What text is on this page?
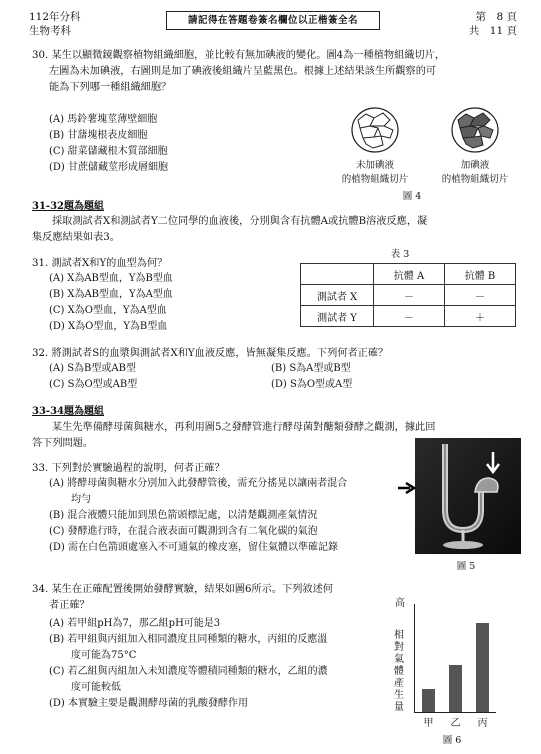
112年分科
生物考科
請記得在答題卷簽名欄位以正楷簽全名	第　8 頁
共　11 頁
30. 某生以顯微鏡觀察植物組織細胞，並比較有無加碘液的變化。圖4為一種植物組織切片，
左圖為未加碘液，右圖則是加了碘液後組織片呈藍黑色。根據上述結果該生所觀察的可
能為下列哪一種組織細胞？
(A) 馬鈴薯塊莖薄壁細胞
(B) 甘藷塊根表皮細胞
(C) 甜菜儲藏根木質部細胞
(D) 甘蔗儲藏莖形成層細胞	未加碘液
的植物組織切片
加碘液
的植物組織切片
圖 4
31-32題為題組
採取測試者X和測試者Y二位同學的血液後，分別與含有抗體A或抗體B溶液反應，凝
集反應結果如表3。
31. 測試者X和Y的血型為何？
(A) X為AB型血，Y為B型血
(B) X為AB型血，Y為A型血
(C) X為O型血，Y為A型血
(D) X為O型血，Y為B型血
表 3
	抗體 A	抗體 B
測試者 X	－	－
測試者 Y	－	＋
32. 將測試者S的血漿與測試者X和Y血液反應，皆無凝集反應。下列何者正確？
(A) S為B型或AB型
(C) S為O型或AB型
(B) S為A型或B型
(D) S為O型或A型
33-34題為題組
某生先準備酵母菌與糖水，再利用圖5之發酵管進行酵母菌對醣類發酵之觀測，據此回
答下列問題。
33. 下列對於實驗過程的說明，何者正確？
(A) 將酵母菌與糖水分別加入此發酵管後，需充分搖晃以讓兩者混合
均勻
(B) 混合液體只能加到黑色箭頭標記處，以清楚觀測產氣情況
(C) 發酵進行時，在混合液表面可觀測到含有二氧化碳的氣泡
(D) 需在白色箭頭處塞入不可通氣的橡皮塞，留住氣體以準確記錄
圖 5
34. 某生在正確配置後開始發酵實驗，結果如圖6所示。下列敘述何
者正確？
(A) 若甲組pH為7，那乙組pH可能是3
(B) 若甲組與丙組加入相同濃度且同種類的糖水，丙組的反應溫
度可能為75°C
(C) 若乙組與丙組加入未知濃度等體積同種類的糖水，乙組的濃
度可能較低
(D) 本實驗主要是觀測酵母菌的乳酸發酵作用
高
相對氣體產生量
甲	乙	丙
圖 6
